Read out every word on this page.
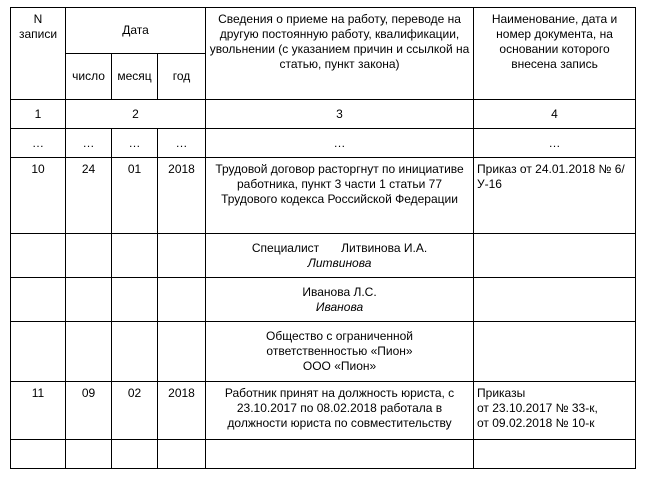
N записи	Дата			Сведения о приеме на работу, переводе на другую постоянную работу, квалификации, увольнении (с указанием причин и ссылкой на статью, пункт закона)	Наименование, дата и номер документа, на основании которого внесена запись
	число	месяц	год		
1	2			3	4
…	…	…	…	…	…
10	24	01	2018	Трудовой договор расторгнут по инициативе работника, пункт 3 части 1 статьи 77 Трудового кодекса Российской Федерации	Приказ от 24.01.2018 № 6/У-16

				Специалист Литвинова И.А.
Литвинова	

				Иванова Л.С.
Иванова	

				Общество с ограниченной
ответственностью «Пион»
ООО «Пион»	

11	09	02	2018	Работник принят на должность юриста, с 23.10.2017 по 08.02.2018 работала в должности юриста по совместительству	Приказы
от 23.10.2017 № 33-к,
от 09.02.2018 № 10-к
